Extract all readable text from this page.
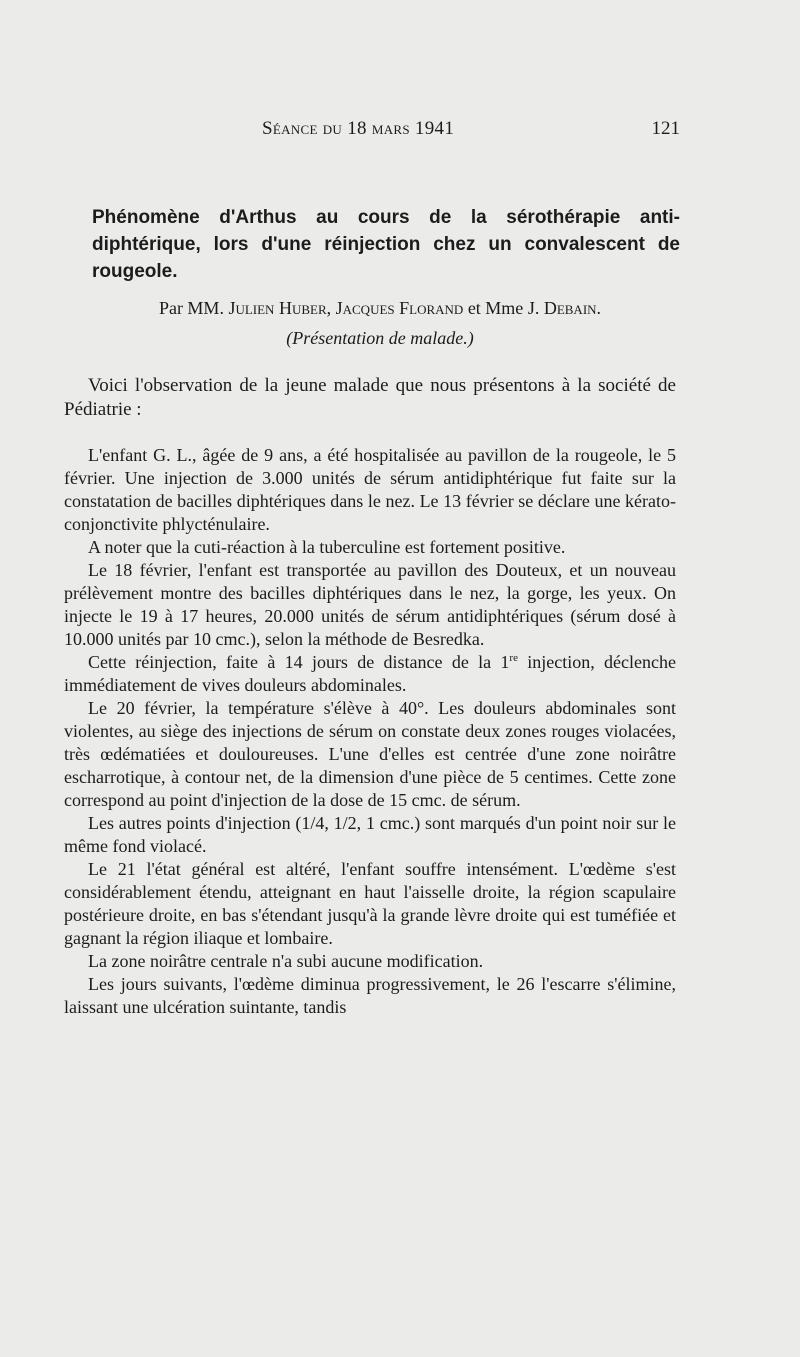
Séance du 18 mars 1941	121
Phénomène d'Arthus au cours de la sérothérapie anti-diphtérique, lors d'une réinjection chez un convalescent de rougeole.
Par MM. Julien Huber, Jacques Florand et Mme J. Debain.
(Présentation de malade.)

Voici l'observation de la jeune malade que nous présentons à la société de Pédiatrie :

L'enfant G. L., âgée de 9 ans, a été hospitalisée au pavillon de la rougeole, le 5 février. Une injection de 3.000 unités de sérum antidiphtérique fut faite sur la constatation de bacilles diphtériques dans le nez. Le 13 février se déclare une kérato-conjonctivite phlycténulaire.

A noter que la cuti-réaction à la tuberculine est fortement positive.

Le 18 février, l'enfant est transportée au pavillon des Douteux, et un nouveau prélèvement montre des bacilles diphtériques dans le nez, la gorge, les yeux. On injecte le 19 à 17 heures, 20.000 unités de sérum antidiphtériques (sérum dosé à 10.000 unités par 10 cmc.), selon la méthode de Besredka.

Cette réinjection, faite à 14 jours de distance de la 1re injection, déclenche immédiatement de vives douleurs abdominales.

Le 20 février, la température s'élève à 40°. Les douleurs abdominales sont violentes, au siège des injections de sérum on constate deux zones rouges violacées, très œdématiées et douloureuses. L'une d'elles est centrée d'une zone noirâtre escharrotique, à contour net, de la dimension d'une pièce de 5 centimes. Cette zone correspond au point d'injection de la dose de 15 cmc. de sérum.

Les autres points d'injection (1/4, 1/2, 1 cmc.) sont marqués d'un point noir sur le même fond violacé.

Le 21 l'état général est altéré, l'enfant souffre intensément. L'œdème s'est considérablement étendu, atteignant en haut l'aisselle droite, la région scapulaire postérieure droite, en bas s'étendant jusqu'à la grande lèvre droite qui est tuméfiée et gagnant la région iliaque et lombaire.

La zone noirâtre centrale n'a subi aucune modification.

Les jours suivants, l'œdème diminua progressivement, le 26 l'escarre s'élimine, laissant une ulcération suintante, tandis
